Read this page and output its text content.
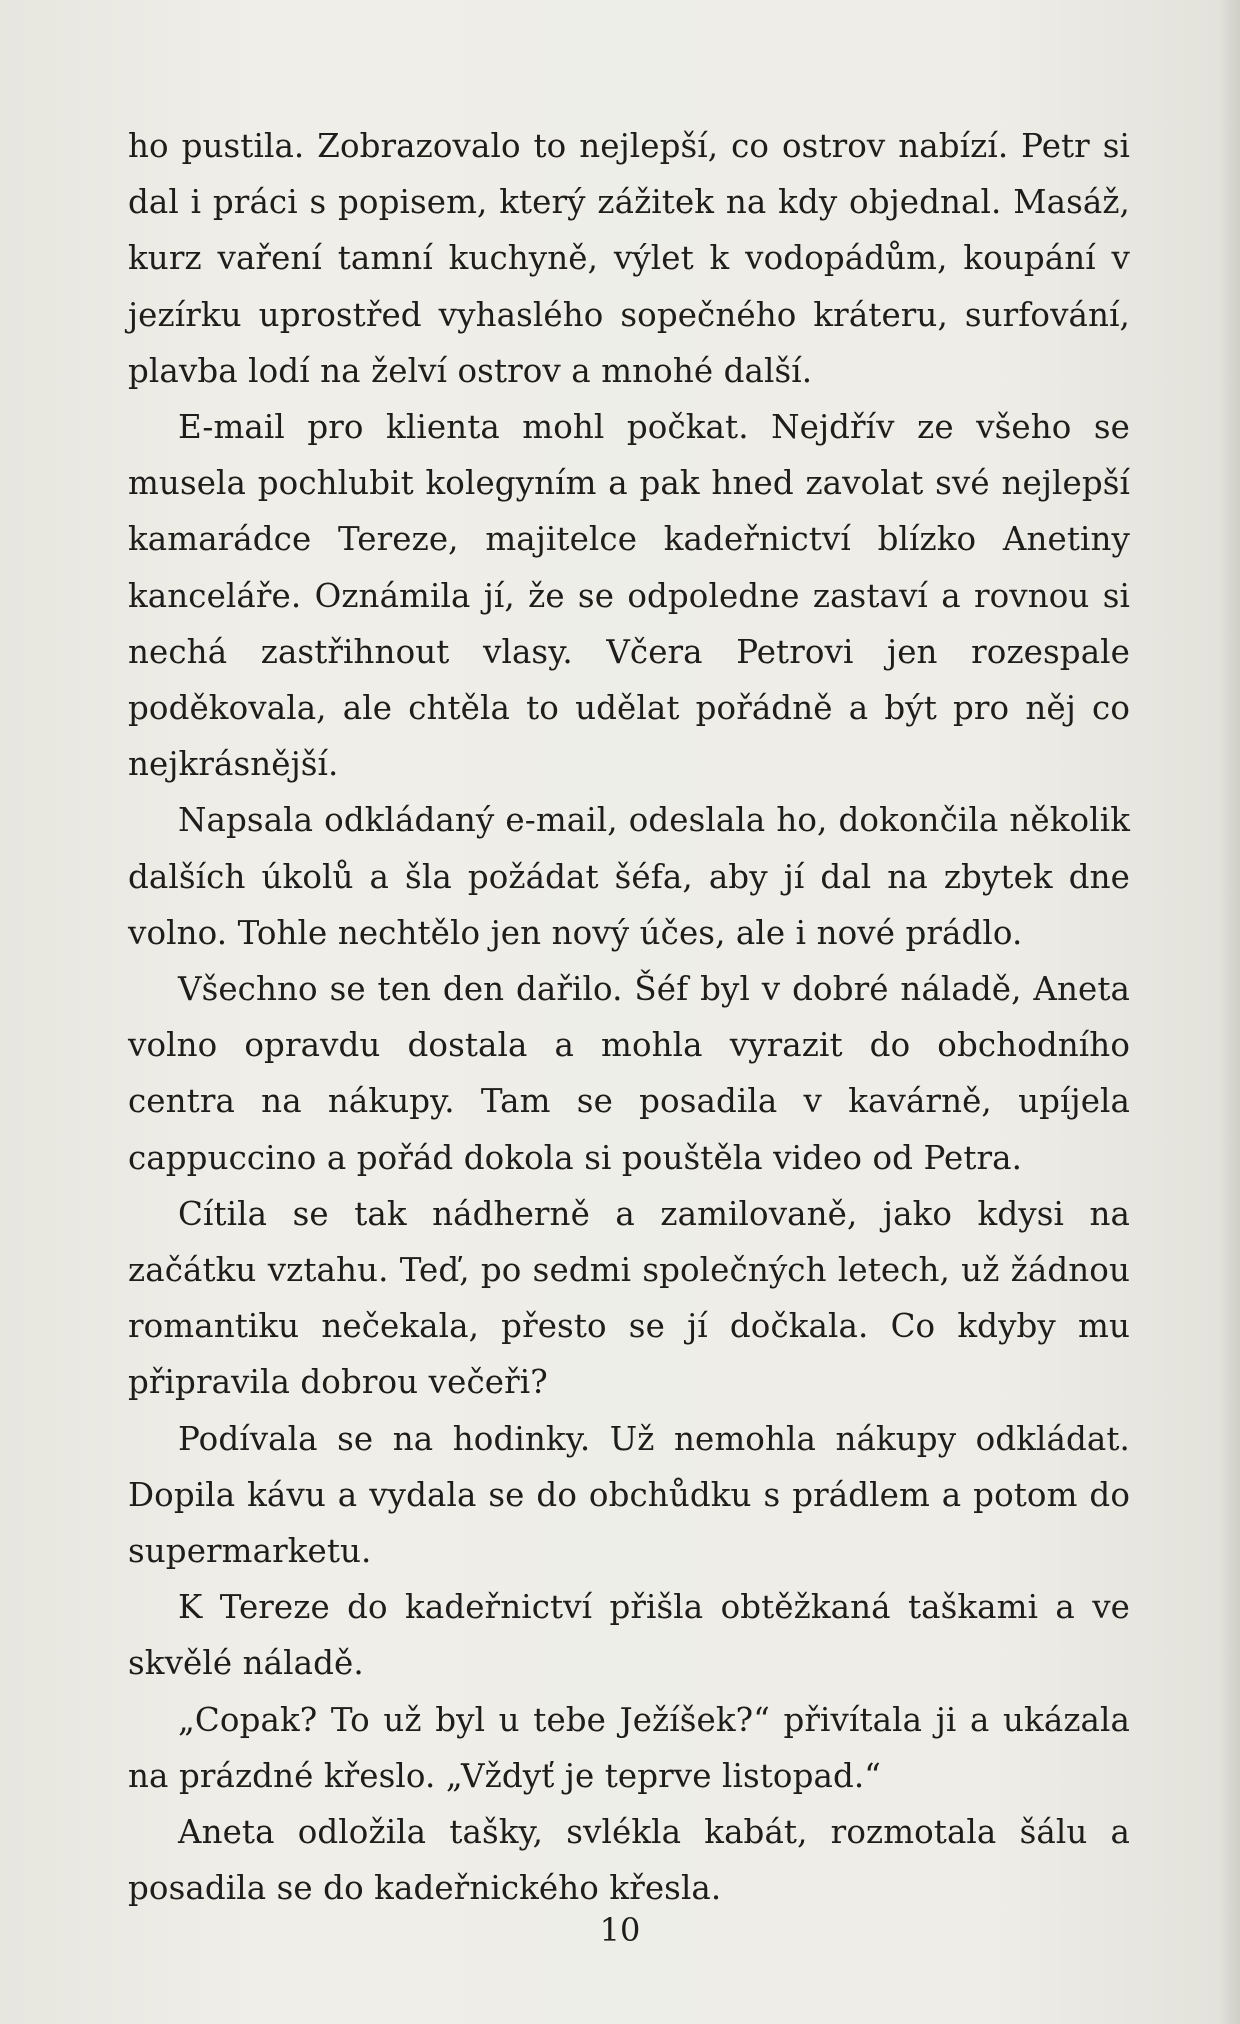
ho pustila. Zobrazovalo to nejlepší, co ostrov nabízí. Petr si dal i práci s popisem, který zážitek na kdy objednal. Masáž, kurz vaření tamní kuchyně, výlet k vodopádům, koupání v jezírku uprostřed vyhaslého sopečného kráteru, surfování, plavba lodí na želví ostrov a mnohé další.

E-mail pro klienta mohl počkat. Nejdřív ze všeho se musela pochlubit kolegyním a pak hned zavolat své nejlepší kamarádce Tereze, majitelce kadeřnictví blízko Anetiny kanceláře. Oznámila jí, že se odpoledne zastaví a rovnou si nechá zastřihnout vlasy. Včera Petrovi jen rozespale poděkovala, ale chtěla to udělat pořádně a být pro něj co nejkrásnější.

Napsala odkládaný e-mail, odeslala ho, dokončila několik dalších úkolů a šla požádat šéfa, aby jí dal na zbytek dne volno. Tohle nechtělo jen nový účes, ale i nové prádlo.

Všechno se ten den dařilo. Šéf byl v dobré náladě, Aneta volno opravdu dostala a mohla vyrazit do obchodního centra na nákupy. Tam se posadila v kavárně, upíjela cappuccino a pořád dokola si pouštěla video od Petra.

Cítila se tak nádherně a zamilovaně, jako kdysi na začátku vztahu. Teď, po sedmi společných letech, už žádnou romantiku nečekala, přesto se jí dočkala. Co kdyby mu připravila dobrou večeři?

Podívala se na hodinky. Už nemohla nákupy odkládat. Dopila kávu a vydala se do obchůdku s prádlem a potom do supermarketu.

K Tereze do kadeřnictví přišla obtěžkaná taškami a ve skvělé náladě.

„Copak? To už byl u tebe Ježíšek?“ přivítala ji a ukázala na prázdné křeslo. „Vždyť je teprve listopad.“

Aneta odložila tašky, svlékla kabát, rozmotala šálu a posadila se do kadeřnického křesla.

10
